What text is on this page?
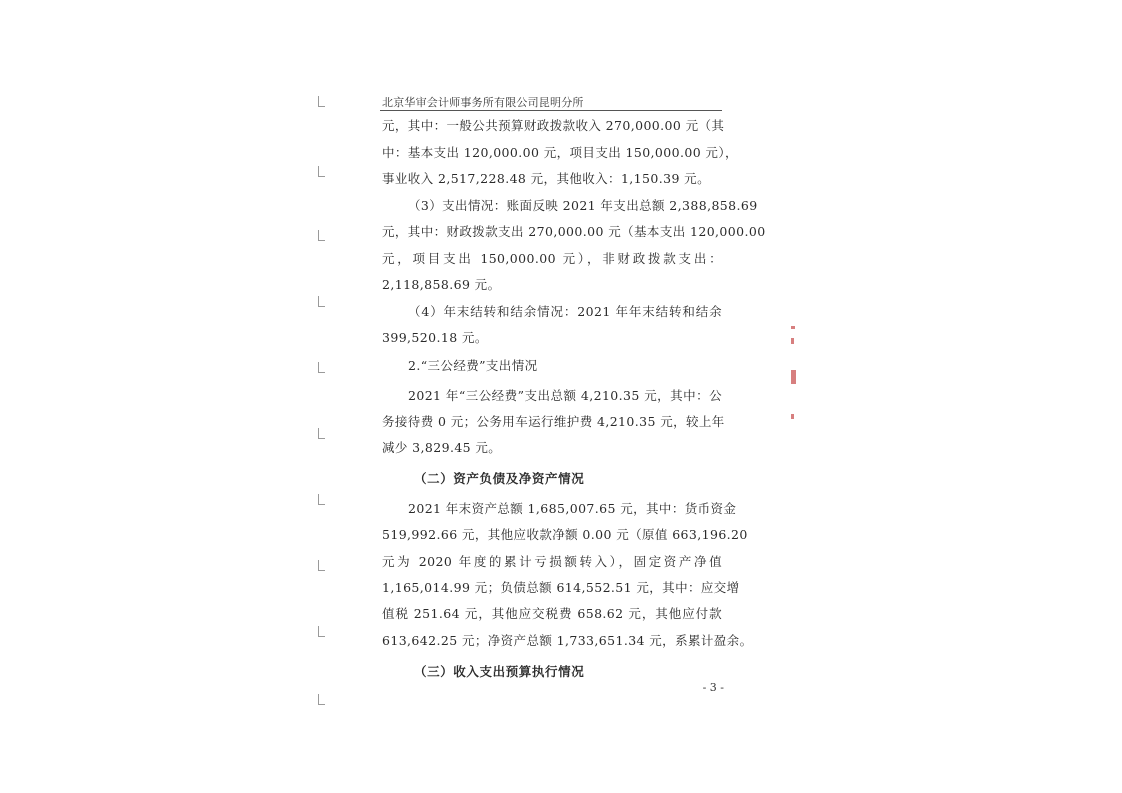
北京华审会计师事务所有限公司昆明分所
元，其中：一般公共预算财政拨款收入 270,000.00 元（其
中：基本支出 120,000.00 元，项目支出 150,000.00 元），
事业收入 2,517,228.48 元，其他收入：1,150.39 元。
（3）支出情况：账面反映 2021 年支出总额 2,388,858.69
元，其中：财政拨款支出 270,000.00 元（基本支出 120,000.00
元，项目支出 150,000.00 元），非财政拨款支出：
2,118,858.69 元。
（4）年末结转和结余情况：2021 年年末结转和结余
399,520.18 元。
2.“三公经费”支出情况
2021 年“三公经费”支出总额 4,210.35 元，其中：公
务接待费 0 元；公务用车运行维护费 4,210.35 元，较上年
减少 3,829.45 元。
（二）资产负债及净资产情况
2021 年末资产总额 1,685,007.65 元，其中：货币资金
519,992.66 元，其他应收款净额 0.00 元（原值 663,196.20
元为 2020 年度的累计亏损额转入），固定资产净值
1,165,014.99 元；负债总额 614,552.51 元，其中：应交增
值税 251.64 元，其他应交税费 658.62 元，其他应付款
613,642.25 元；净资产总额 1,733,651.34 元，系累计盈余。
（三）收入支出预算执行情况
- 3 -
